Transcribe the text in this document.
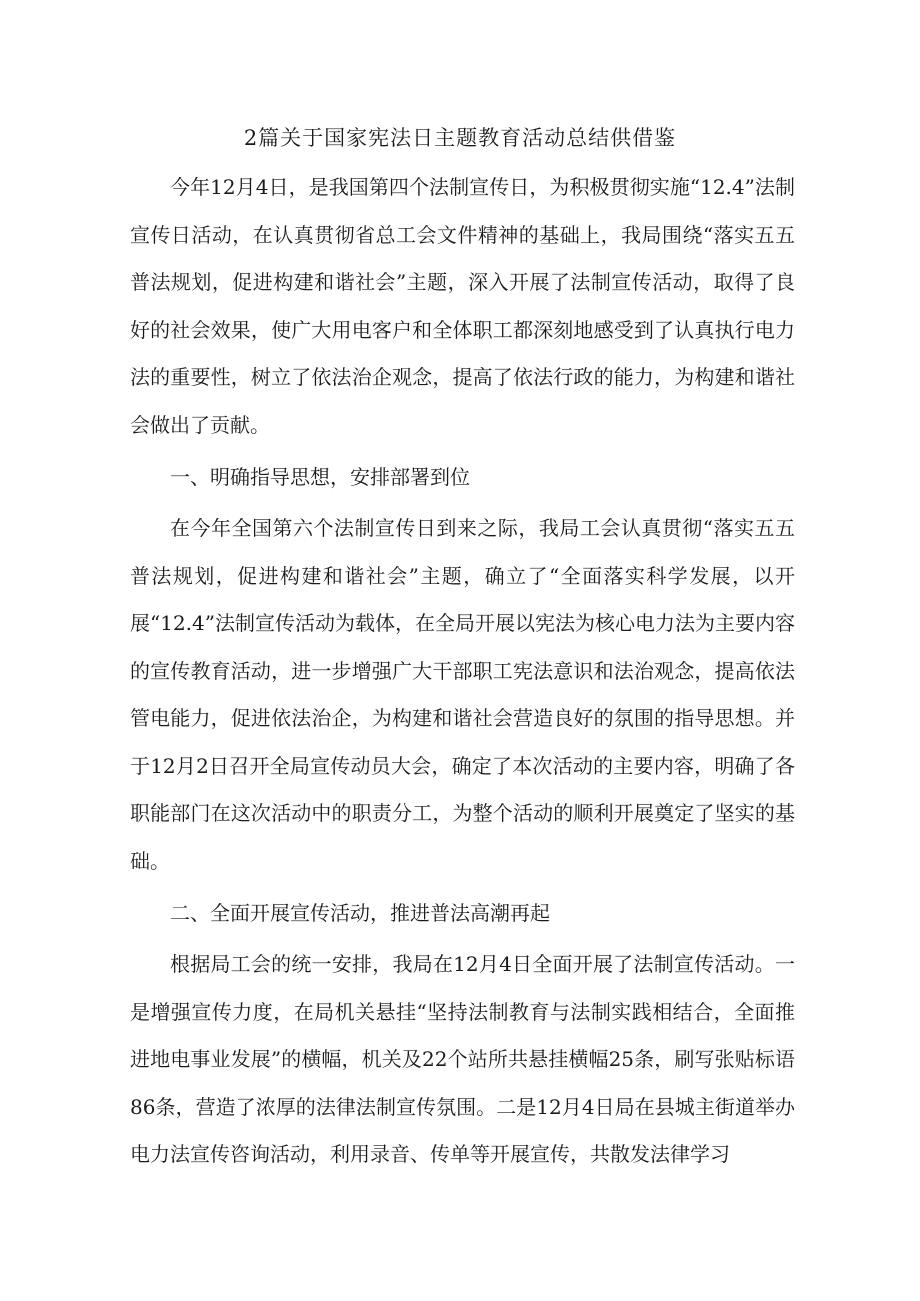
2篇关于国家宪法日主题教育活动总结供借鉴

今年12月4日，是我国第四个法制宣传日，为积极贯彻实施“12.4”法制宣传日活动，在认真贯彻省总工会文件精神的基础上，我局围绕“落实五五普法规划，促进构建和谐社会”主题，深入开展了法制宣传活动，取得了良好的社会效果，使广大用电客户和全体职工都深刻地感受到了认真执行电力法的重要性，树立了依法治企观念，提高了依法行政的能力，为构建和谐社会做出了贡献。

一、明确指导思想，安排部署到位

在今年全国第六个法制宣传日到来之际，我局工会认真贯彻“落实五五普法规划，促进构建和谐社会”主题，确立了“全面落实科学发展，以开展“12.4”法制宣传活动为载体，在全局开展以宪法为核心电力法为主要内容的宣传教育活动，进一步增强广大干部职工宪法意识和法治观念，提高依法管电能力，促进依法治企，为构建和谐社会营造良好的氛围的指导思想。并于12月2日召开全局宣传动员大会，确定了本次活动的主要内容，明确了各职能部门在这次活动中的职责分工，为整个活动的顺利开展奠定了坚实的基础。

二、全面开展宣传活动，推进普法高潮再起

根据局工会的统一安排，我局在12月4日全面开展了法制宣传活动。一是增强宣传力度，在局机关悬挂“坚持法制教育与法制实践相结合，全面推进地电事业发展”的横幅，机关及22个站所共悬挂横幅25条，刷写张贴标语86条，营造了浓厚的法律法制宣传氛围。二是12月4日局在县城主街道举办电力法宣传咨询活动，利用录音、传单等开展宣传，共散发法律学习
